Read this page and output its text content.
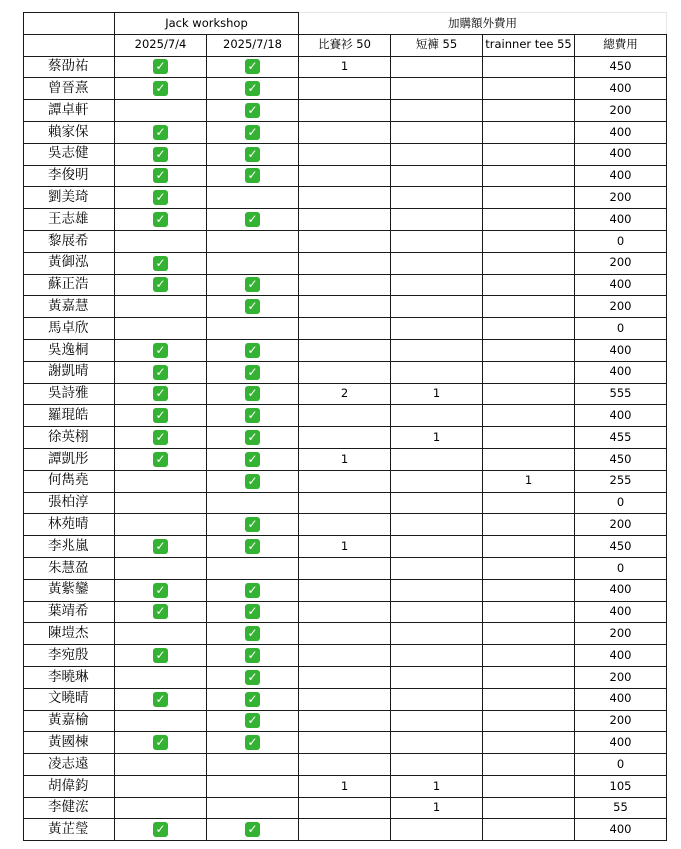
	Jack workshop		加購額外費用			
	2025/7/4	2025/7/18	比賽衫 50	短褲 55	trainner tee 55	總費用
蔡劭祐	✓	✓	1			450
曾晉熹	✓	✓				400
譚卓軒		✓				200
賴家保	✓	✓				400
吳志健	✓	✓				400
李俊明	✓	✓				400
劉美琦	✓					200
王志雄	✓	✓				400
黎展希						0
黃御泓	✓					200
蘇正浩	✓	✓				400
黃嘉慧		✓				200
馬卓欣						0
吳逸桐	✓	✓				400
謝凱晴	✓	✓				400
吳詩雅	✓	✓	2	1		555
羅琨皓	✓	✓				400
徐英栩	✓	✓		1		455
譚凱彤	✓	✓	1			450
何雋堯		✓			1	255
張柏淳						0
林苑晴		✓				200
李兆嵐	✓	✓	1			450
朱慧盈						0
黃紫鑾	✓	✓				400
葉靖希	✓	✓				400
陳塏杰		✓				200
李宛殷	✓	✓				400
李曉琳		✓				200
文曉晴	✓	✓				400
黃嘉榆		✓				200
黃國棟	✓	✓				400
凌志遠						0
胡偉鈞			1	1		105
李健浤				1		55
黃芷瑩	✓	✓				400
